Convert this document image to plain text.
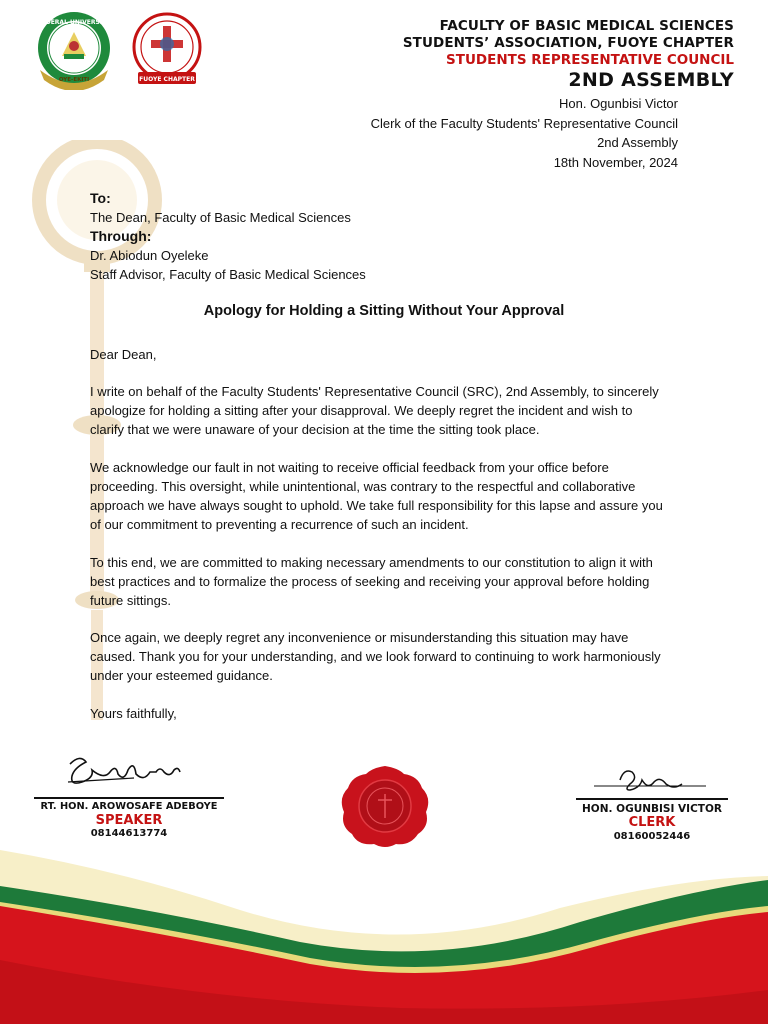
FEDERAL UNIVERSITY
OYE-EKITI	FUOYE CHAPTER
FACULTY OF BASIC MEDICAL SCIENCES
STUDENTS’ ASSOCIATION, FUOYE CHAPTER
STUDENTS REPRESENTATIVE COUNCIL
2ND ASSEMBLY
Hon. Ogunbisi Victor
Clerk of the Faculty Students' Representative Council
2nd Assembly
18th November, 2024
To:
The Dean, Faculty of Basic Medical Sciences
Through:
Dr. Abiodun Oyeleke
Staff Advisor, Faculty of Basic Medical Sciences
Apology for Holding a Sitting Without Your Approval
Dear Dean,
I write on behalf of the Faculty Students' Representative Council (SRC), 2nd Assembly, to sincerely apologize for holding a sitting after your disapproval. We deeply regret the incident and wish to clarify that we were unaware of your decision at the time the sitting took place.
We acknowledge our fault in not waiting to receive official feedback from your office before proceeding. This oversight, while unintentional, was contrary to the respectful and collaborative approach we have always sought to uphold. We take full responsibility for this lapse and assure you of our commitment to preventing a recurrence of such an incident.
To this end, we are committed to making necessary amendments to our constitution to align it with best practices and to formalize the process of seeking and receiving your approval before holding future sittings.
Once again, we deeply regret any inconvenience or misunderstanding this situation may have caused. Thank you for your understanding, and we look forward to continuing to work harmoniously under your esteemed guidance.
Yours faithfully,
RT. HON. AROWOSAFE ADEBOYE
SPEAKER
08144613774
HON. OGUNBISI VICTOR
CLERK
08160052446
